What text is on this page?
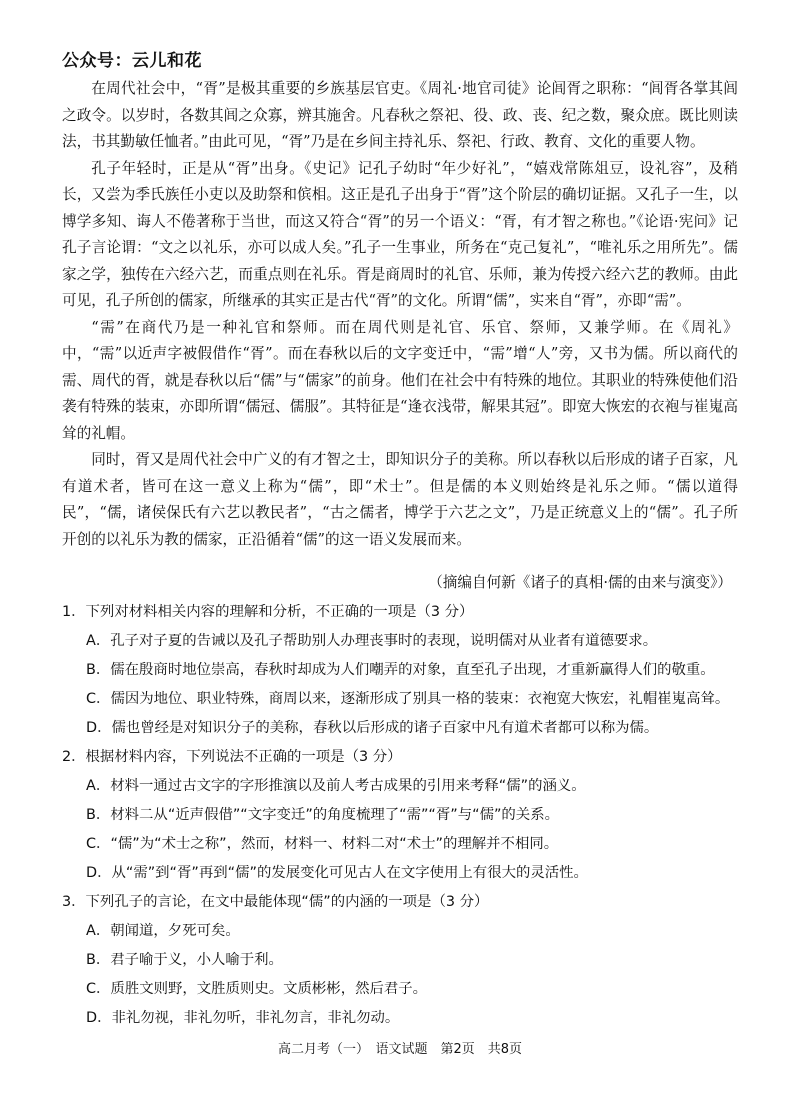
公众号：云儿和花

在周代社会中，“胥”是极其重要的乡族基层官吏。《周礼·地官司徒》论闾胥之职称：“闾胥各掌其闾之政令。以岁时，各数其闾之众寡，辨其施舍。凡春秋之祭祀、役、政、丧、纪之数，聚众庶。既比则读法，书其勤敏任恤者。”由此可见，“胥”乃是在乡间主持礼乐、祭祀、行政、教育、文化的重要人物。

孔子年轻时，正是从“胥”出身。《史记》记孔子幼时“年少好礼”，“嬉戏常陈俎豆，设礼容”，及稍长，又尝为季氏族任小吏以及助祭和傧相。这正是孔子出身于“胥”这个阶层的确切证据。又孔子一生，以博学多知、诲人不倦著称于当世，而这又符合“胥”的另一个语义：“胥，有才智之称也。”《论语·宪问》记孔子言论谓：“文之以礼乐，亦可以成人矣。”孔子一生事业，所务在“克己复礼”，“唯礼乐之用所先”。儒家之学，独传在六经六艺，而重点则在礼乐。胥是商周时的礼官、乐师，兼为传授六经六艺的教师。由此可见，孔子所创的儒家，所继承的其实正是古代“胥”的文化。所谓“儒”，实来自“胥”，亦即“需”。

“需”在商代乃是一种礼官和祭师。而在周代则是礼官、乐官、祭师，又兼学师。在《周礼》中，“需”以近声字被假借作“胥”。而在春秋以后的文字变迁中，“需”增“人”旁，又书为儒。所以商代的需、周代的胥，就是春秋以后“儒”与“儒家”的前身。他们在社会中有特殊的地位。其职业的特殊使他们沿袭有特殊的装束，亦即所谓“儒冠、儒服”。其特征是“逢衣浅带，解果其冠”。即宽大恢宏的衣袍与崔嵬高耸的礼帽。

同时，胥又是周代社会中广义的有才智之士，即知识分子的美称。所以春秋以后形成的诸子百家，凡有道术者，皆可在这一意义上称为“儒”，即“术士”。但是儒的本义则始终是礼乐之师。“儒以道得民”，“儒，诸侯保氏有六艺以教民者”，“古之儒者，博学于六艺之文”，乃是正统意义上的“儒”。孔子所开创的以礼乐为教的儒家，正沿循着“儒”的这一语义发展而来。

（摘编自何新《诸子的真相·儒的由来与演变》）

1．下列对材料相关内容的理解和分析，不正确的一项是（3 分）

A．孔子对子夏的告诫以及孔子帮助别人办理丧事时的表现，说明儒对从业者有道德要求。

B．儒在殷商时地位崇高，春秋时却成为人们嘲弄的对象，直至孔子出现，才重新赢得人们的敬重。

C．儒因为地位、职业特殊，商周以来，逐渐形成了别具一格的装束：衣袍宽大恢宏，礼帽崔嵬高耸。

D．儒也曾经是对知识分子的美称，春秋以后形成的诸子百家中凡有道术者都可以称为儒。

2．根据材料内容，下列说法不正确的一项是（3 分）

A．材料一通过古文字的字形推演以及前人考古成果的引用来考释“儒”的涵义。

B．材料二从“近声假借”“文字变迁”的角度梳理了“需”“胥”与“儒”的关系。

C．“儒”为“术士之称”，然而，材料一、材料二对“术士”的理解并不相同。

D．从“需”到“胥”再到“儒”的发展变化可见古人在文字使用上有很大的灵活性。

3．下列孔子的言论，在文中最能体现“儒”的内涵的一项是（3 分）

A．朝闻道，夕死可矣。

B．君子喻于义，小人喻于利。

C．质胜文则野，文胜质则史。文质彬彬，然后君子。

D．非礼勿视，非礼勿听，非礼勿言，非礼勿动。

高二月考（一）　语文试题　第2页　共8页
